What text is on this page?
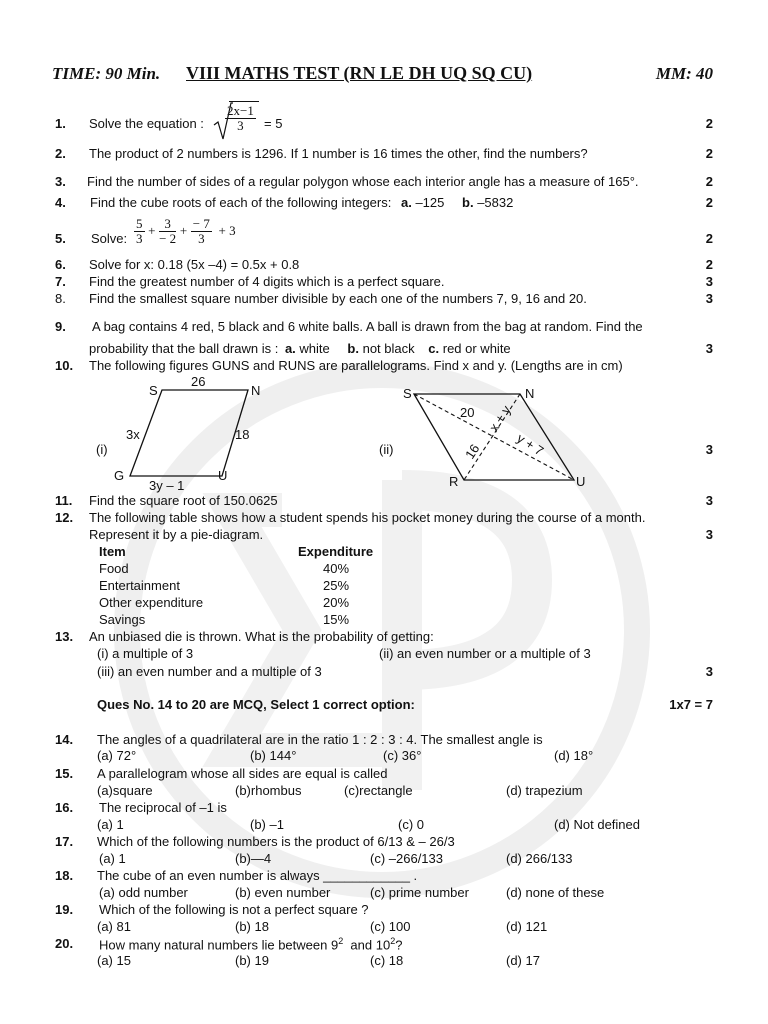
TIME: 90 Min. VIII MATHS TEST (RN LE DH UQ SQ CU)	MM: 40
1. Solve the equation : $\frac{2x-1}{3} = 5$	2
2. The product of 2 numbers is 1296. If 1 number is 16 times the other, find the numbers?	2
3. Find the number of sides of a regular polygon whose each interior angle has a measure of 165°.	2
4. Find the cube roots of each of the following integers: a. –125 b. –5832	2
5. Solve: $\frac{5}{3} + \frac{3}{- 2} + \frac{- 7}{3} + 3$
2
6. Solve for x: 0.18 (5x –4) = 0.5x + 0.8	2
7. Find the greatest number of 4 digits which is a perfect square.	3
8. Find the smallest square number divisible by each one of the numbers 7, 9, 16 and 20.	3
9. A bag contains 4 red, 5 black and 6 white balls. A ball is drawn from the bag at random. Find the
probability that the ball drawn is : a. white b. not black c. red or white	3
10. The following figures GUNS and RUNS are parallelograms. Find x and y. (Lengths are in cm)
3
(i)
S	N
G	U
26
3x	18
3y – 1
(ii)
S	N
R	U
20 x + y
16 y + 7
11. Find the square root of 150.0625	3
12. The following table shows how a student spends his pocket money during the course of a month.
Represent it by a pie-diagram.	3
Item	Expenditure
Food	40%
Entertainment	25%
Other expenditure	20%
Savings	15%
13. An unbiased die is thrown. What is the probability of getting:
(i) a multiple of 3	(ii) an even number or a multiple of 3
(iii) an even number and a multiple of 3	3
Ques No. 14 to 20 are MCQ, Select 1 correct option:	1x7 = 7
14. The angles of a quadrilateral are in the ratio 1 : 2 : 3 : 4. The smallest angle is
(a) 72°	(b) 144°	(c) 36°	(d) 18°
15. A parallelogram whose all sides are equal is called
(a)square	(b)rhombus	(c)rectangle	(d) trapezium
16. The reciprocal of –1 is
(a) 1	(b) –1	(c) 0	(d) Not defined
17. Which of the following numbers is the product of 6/13 & – 26/3
(a) 1	(b)—4	(c) –266/133	(d) 266/133
18. The cube of an even number is always ____________ .
(a) odd number	(b) even number	(c) prime number	(d) none of these
19. Which of the following is not a perfect square ?
(a) 81	(b) 18	(c) 100	(d) 121
20. How many natural numbers lie between $9^2$  and $10^2$?
(a) 15	(b) 19	(c) 18	(d) 17
